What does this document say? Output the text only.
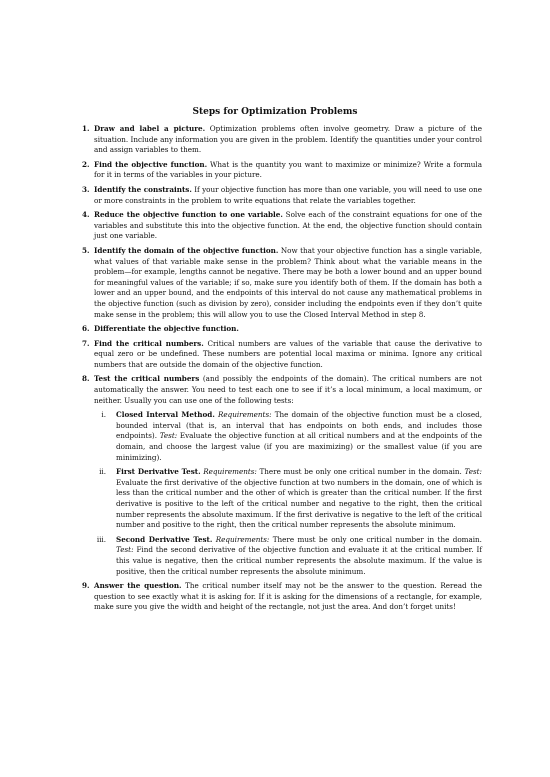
Steps for Optimization Problems
1. Draw and label a picture. Optimization problems often involve geometry. Draw a picture of the situation. Include any information you are given in the problem. Identify the quantities under your control and assign variables to them.
2. Find the objective function. What is the quantity you want to maximize or minimize? Write a formula for it in terms of the variables in your picture.
3. Identify the constraints. If your objective function has more than one variable, you will need to use one or more constraints in the problem to write equations that relate the variables together.
4. Reduce the objective function to one variable. Solve each of the constraint equations for one of the variables and substitute this into the objective function. At the end, the objective function should contain just one variable.
5. Identify the domain of the objective function. Now that your objective function has a single variable, what values of that variable make sense in the problem? Think about what the variable means in the problem—for example, lengths cannot be negative. There may be both a lower bound and an upper bound for meaningful values of the variable; if so, make sure you identify both of them. If the domain has both a lower and an upper bound, and the endpoints of this interval do not cause any mathematical problems in the objective function (such as division by zero), consider including the endpoints even if they don’t quite make sense in the problem; this will allow you to use the Closed Interval Method in step 8.
6. Differentiate the objective function.
7. Find the critical numbers. Critical numbers are values of the variable that cause the derivative to equal zero or be undefined. These numbers are potential local maxima or minima. Ignore any critical numbers that are outside the domain of the objective function.
8. Test the critical numbers (and possibly the endpoints of the domain). The critical numbers are not automatically the answer. You need to test each one to see if it’s a local minimum, a local maximum, or neither. Usually you can use one of the following tests:
i. Closed Interval Method. Requirements: The domain of the objective function must be a closed, bounded interval (that is, an interval that has endpoints on both ends, and includes those endpoints). Test: Evaluate the objective function at all critical numbers and at the endpoints of the domain, and choose the largest value (if you are maximizing) or the smallest value (if you are minimizing).
ii. First Derivative Test. Requirements: There must be only one critical number in the domain. Test: Evaluate the first derivative of the objective function at two numbers in the domain, one of which is less than the critical number and the other of which is greater than the critical number. If the first derivative is positive to the left of the critical number and negative to the right, then the critical number represents the absolute maximum. If the first derivative is negative to the left of the critical number and positive to the right, then the critical number represents the absolute minimum.
iii. Second Derivative Test. Requirements: There must be only one critical number in the domain. Test: Find the second derivative of the objective function and evaluate it at the critical number. If this value is negative, then the critical number represents the absolute maximum. If the value is positive, then the critical number represents the absolute minimum.
9. Answer the question. The critical number itself may not be the answer to the question. Reread the question to see exactly what it is asking for. If it is asking for the dimensions of a rectangle, for example, make sure you give the width and height of the rectangle, not just the area. And don’t forget units!
